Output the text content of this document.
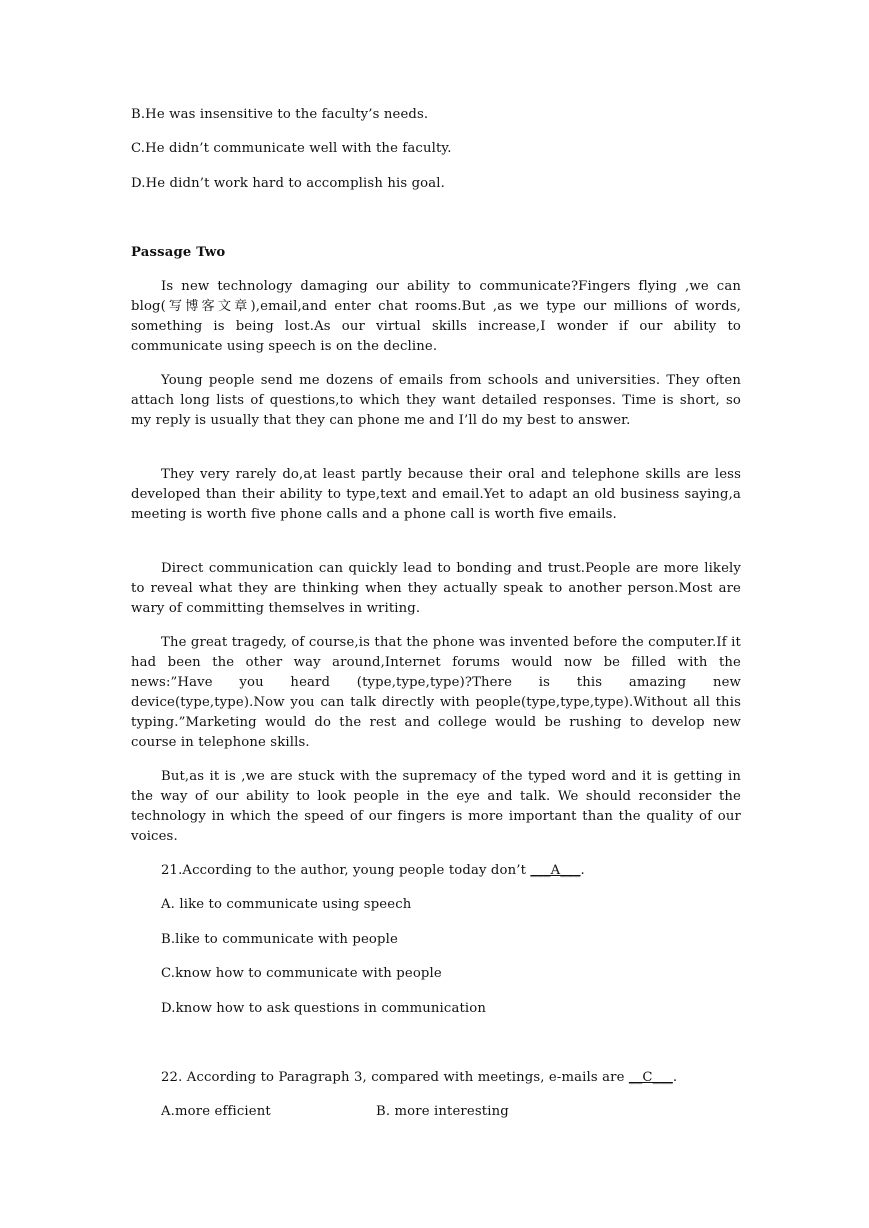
B.He was insensitive to the faculty’s needs.
C.He didn’t communicate well with the faculty.
D.He didn’t work hard to accomplish his goal.
Passage Two

Is new technology damaging our ability to communicate?Fingers flying ,we can blog(写博客文章),email,and enter chat rooms.But ,as we type our millions of words, something is being lost.As our virtual skills increase,I wonder if our ability to communicate using speech is on the decline.

Young people send me dozens of emails from schools and universities. They often attach long lists of questions,to which they want detailed responses. Time is short, so my reply is usually that they can phone me and I’ll do my best to answer.

They very rarely do,at least partly because their oral and telephone skills are less developed than their ability to type,text and email.Yet to adapt an old business saying,a meeting is worth five phone calls and a phone call is worth five emails.

Direct communication can quickly lead to bonding and trust.People are more likely to reveal what they are thinking when they actually speak to another person.Most are wary of committing themselves in writing.

The great tragedy, of course,is that the phone was invented before the computer.If it had been the other way around,Internet forums would now be filled with the news:”Have you heard (type,type,type)?There is this amazing new device(type,type).Now you can talk directly with people(type,type,type).Without all this typing.”Marketing would do the rest and college would be rushing to develop new course in telephone skills.

But,as it is ,we are stuck with the supremacy of the typed word and it is getting in the way of our ability to look people in the eye and talk. We should reconsider the technology in which the speed of our fingers is more important than the quality of our voices.

21.According to the author, young people today don’t ___A___.
A. like to communicate using speech
B.like to communicate with people
C.know how to communicate with people
D.know how to ask questions in communication
22. According to Paragraph 3, compared with meetings, e-mails are __C___.
A.more efficient	B. more interesting
